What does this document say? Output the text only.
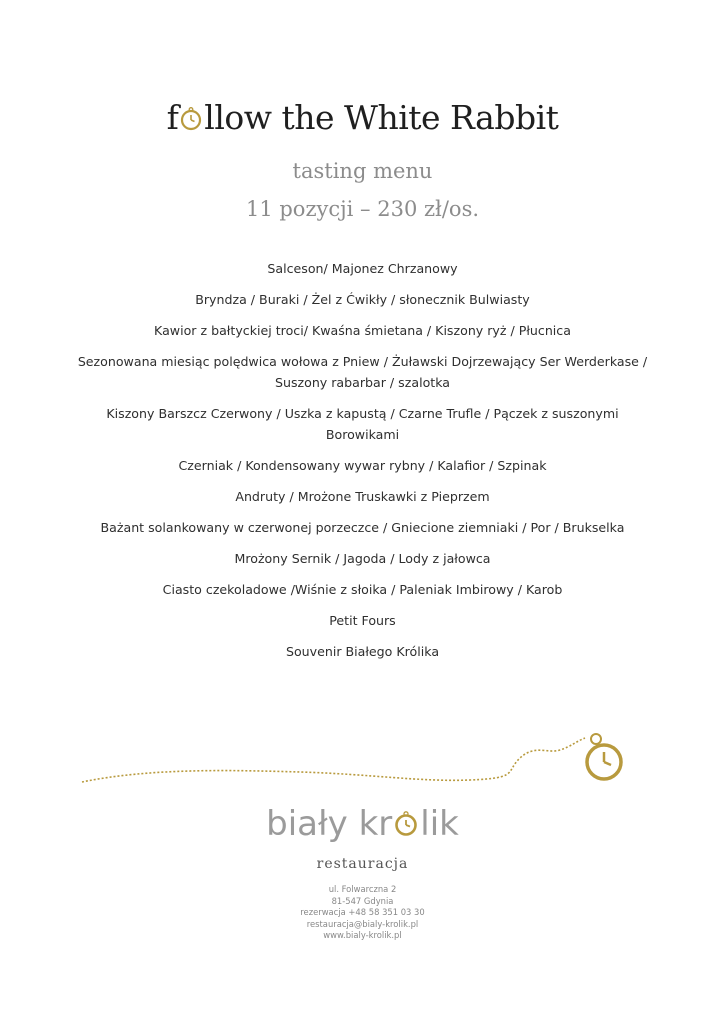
f llow the White Rabbit
tasting menu
11 pozycji – 230 zł/os.
Salceson/ Majonez Chrzanowy
Bryndza / Buraki / Żel z Ćwikły / słonecznik Bulwiasty
Kawior z bałtyckiej troci/ Kwaśna śmietana / Kiszony ryż / Płucnica
Sezonowana miesiąc polędwica wołowa z Pniew / Żuławski Dojrzewający Ser Werderkase / Suszony rabarbar / szalotka
Kiszony Barszcz Czerwony / Uszka z kapustą / Czarne Trufle / Pączek z suszonymi Borowikami
Czerniak / Kondensowany wywar rybny / Kalafior / Szpinak
Andruty / Mrożone Truskawki z Pieprzem
Bażant solankowany w czerwonej porzeczce / Gniecione ziemniaki / Por / Brukselka
Mrożony Sernik / Jagoda / Lody z jałowca
Ciasto czekoladowe /Wiśnie z słoika / Paleniak Imbirowy / Karob
Petit Fours
Souvenir Białego Królika
biały kr lik
restauracja
ul. Folwarczna 2
81-547 Gdynia
rezerwacja +48 58 351 03 30
restauracja@bialy-krolik.pl
www.bialy-krolik.pl
